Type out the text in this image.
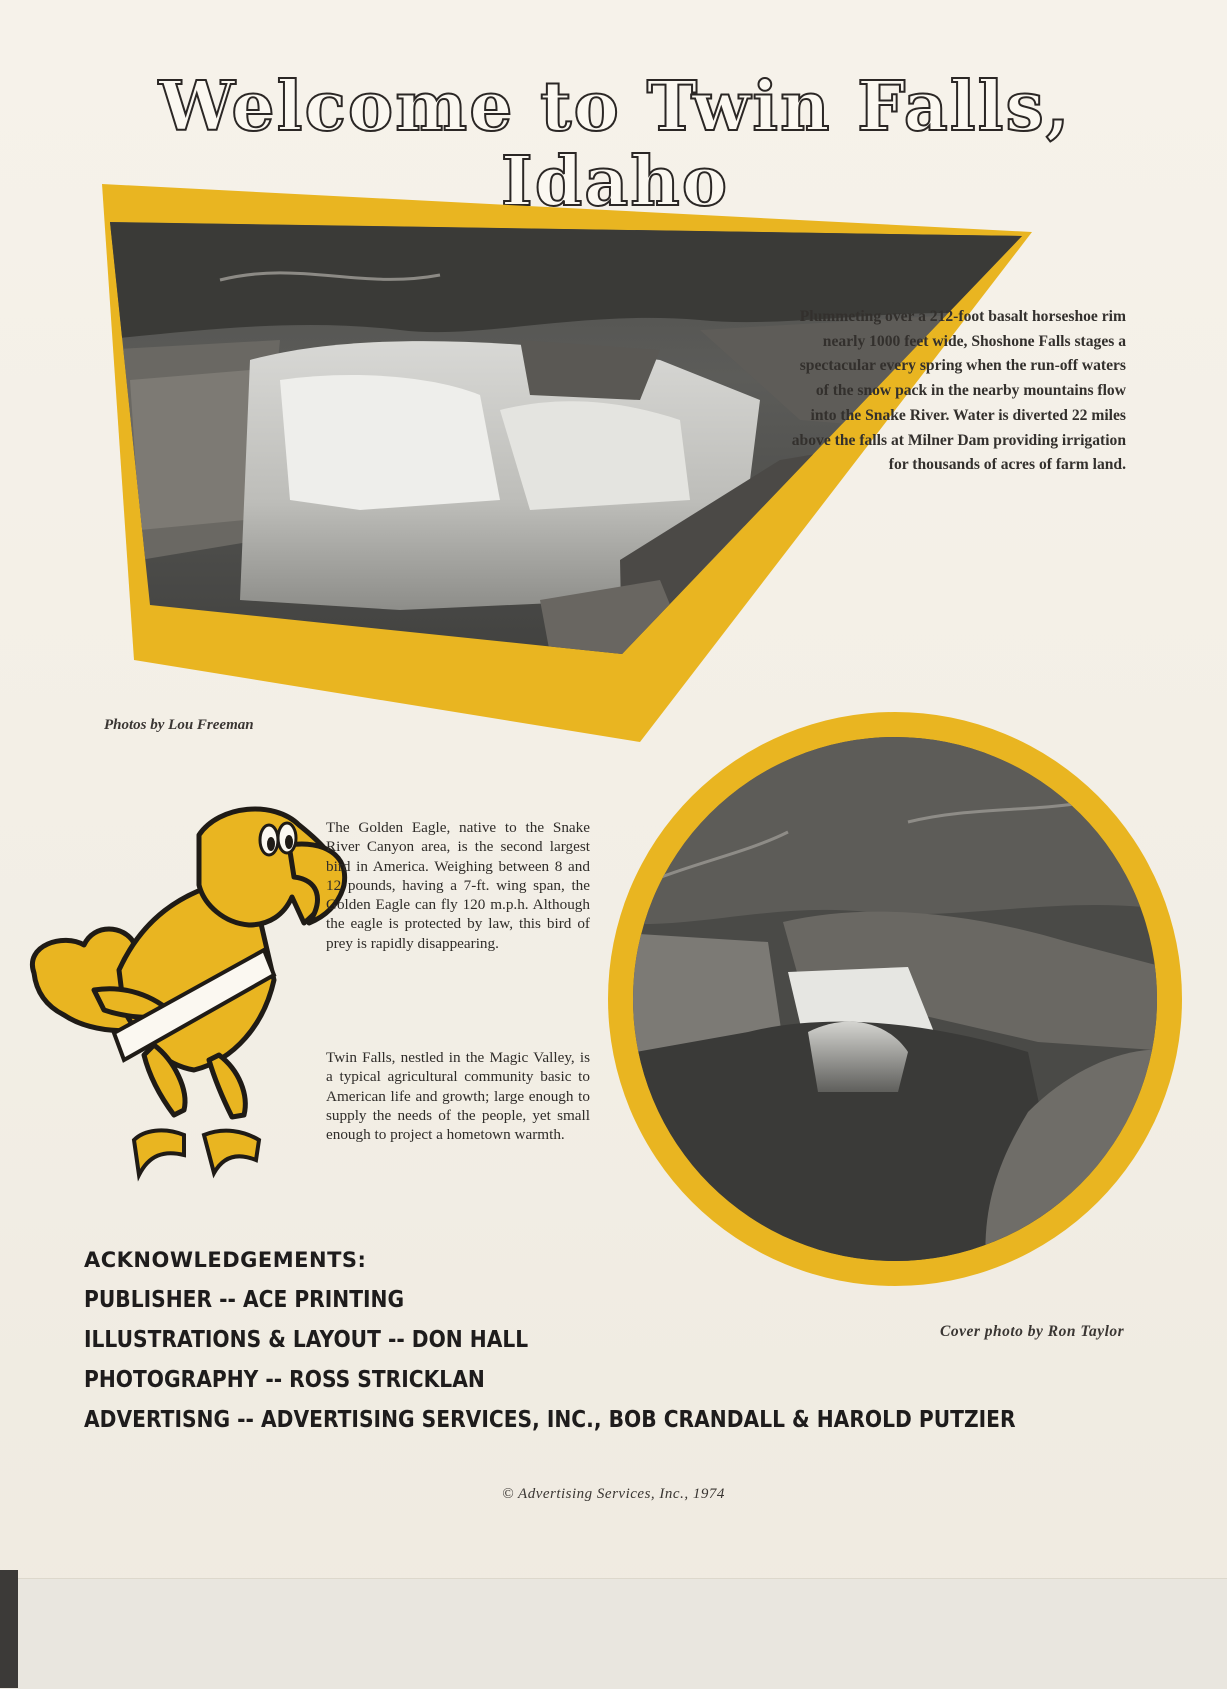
Welcome to Twin Falls, Idaho

Plummeting over a 212-foot basalt horseshoe rim nearly 1000 feet wide, Shoshone Falls stages a spectacular every spring when the run-off waters of the snow pack in the nearby mountains flow into the Snake River. Water is diverted 22 miles above the falls at Milner Dam providing irrigation for thousands of acres of farm land.

Photos by Lou Freeman

The Golden Eagle, native to the Snake River Canyon area, is the second largest bird in America. Weighing between 8 and 12 pounds, having a 7-ft. wing span, the Golden Eagle can fly 120 m.p.h. Although the eagle is protected by law, this bird of prey is rapidly disappearing.

Twin Falls, nestled in the Magic Valley, is a typical agricultural community basic to American life and growth; large enough to supply the needs of the people, yet small enough to project a hometown warmth.

ACKNOWLEDGEMENTS:

PUBLISHER -- ACE PRINTING

ILLUSTRATIONS & LAYOUT -- DON HALL

PHOTOGRAPHY -- ROSS STRICKLAN

ADVERTISNG -- ADVERTISING SERVICES, INC., BOB CRANDALL & HAROLD PUTZIER

Cover photo by Ron Taylor

© Advertising Services, Inc., 1974
